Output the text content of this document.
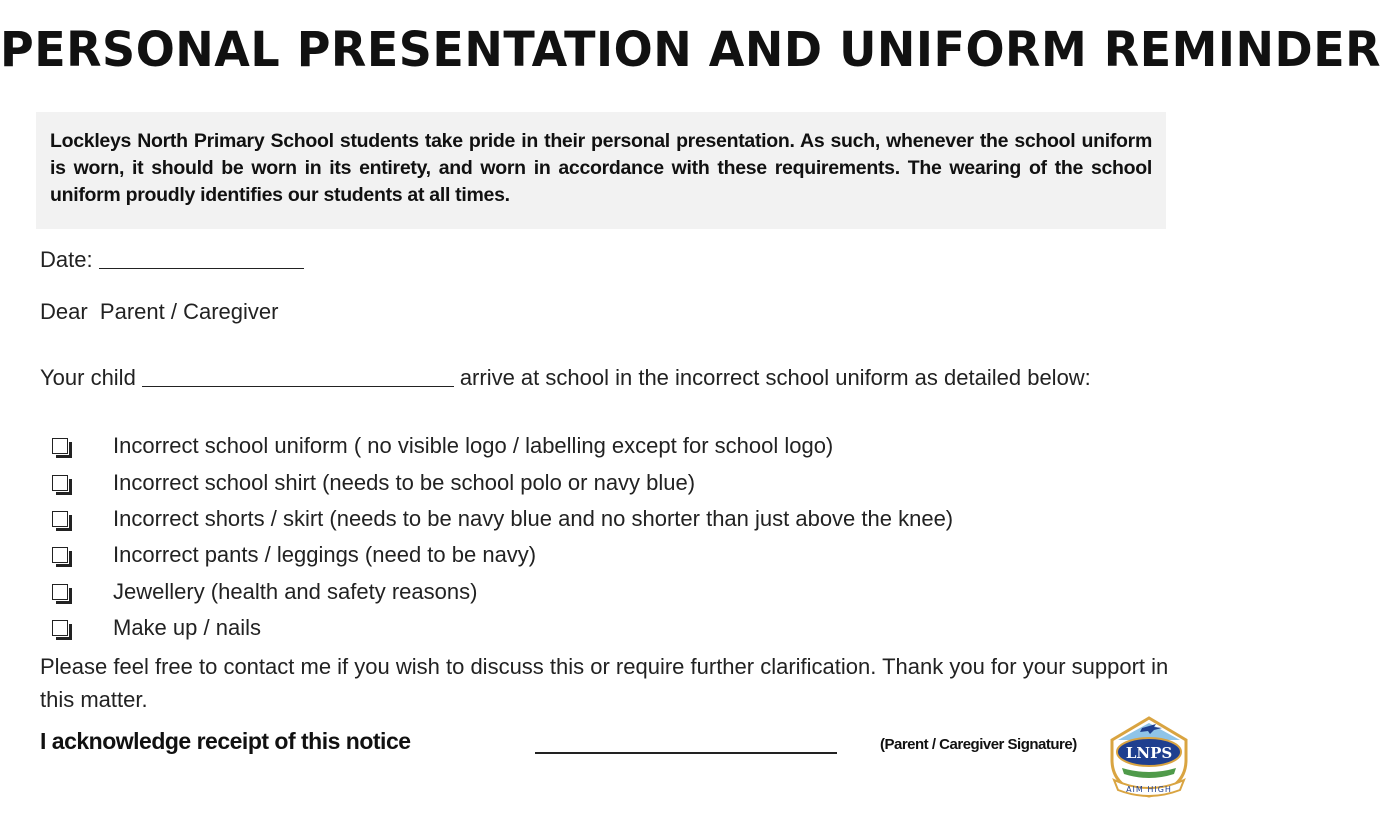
PERSONAL PRESENTATION AND UNIFORM REMINDER
Lockleys North Primary School students take pride in their personal presentation. As such, whenever the school uniform is worn, it should be worn in its entirety, and worn in accordance with these requirements. The wearing of the school uniform proudly identifies our students at all times.
Date:
Dear  Parent / Caregiver
Your child	arrive at school in the incorrect school uniform as detailed below:
Incorrect school uniform ( no visible logo / labelling except for school logo)
Incorrect school shirt (needs to be school polo or navy blue)
Incorrect shorts / skirt (needs to be navy blue and no shorter than just above the knee)
Incorrect pants / leggings (need to be navy)
Jewellery (health and safety reasons)
Make up / nails
Please feel free to contact me if you wish to discuss this or require further clarification. Thank you for your support in this matter.
I acknowledge receipt of this notice	(Parent / Caregiver Signature)	LNPS
AIM HIGH
